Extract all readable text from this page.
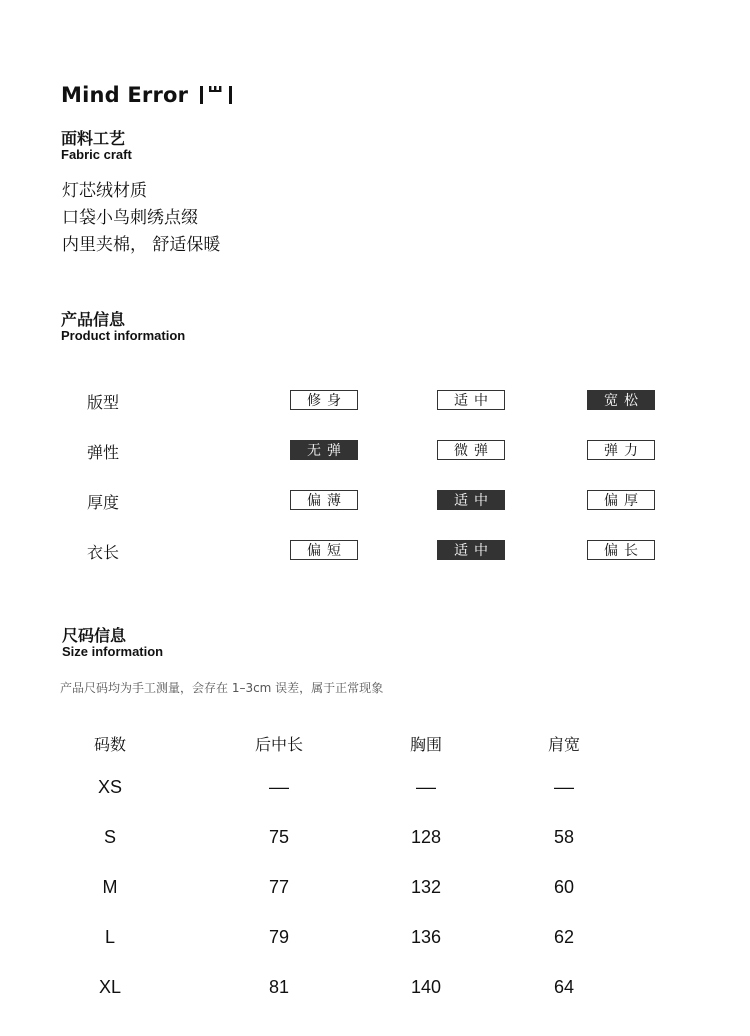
Mind Error
面料工艺
Fabric craft
灯芯绒材质
口袋小鸟刺绣点缀
内里夹棉， 舒适保暖
产品信息
Product information
版型	修身	适中	宽松
弹性	无弹	微弹	弹力
厚度	偏薄	适中	偏厚
衣长	偏短	适中	偏长
尺码信息
Size information
产品尺码均为手工测量，会存在 1–3cm 误差，属于正常现象
码数	后中长	胸围	肩宽
XS	––	––	––
S	75	128	58
M	77	132	60
L	79	136	62
XL	81	140	64
